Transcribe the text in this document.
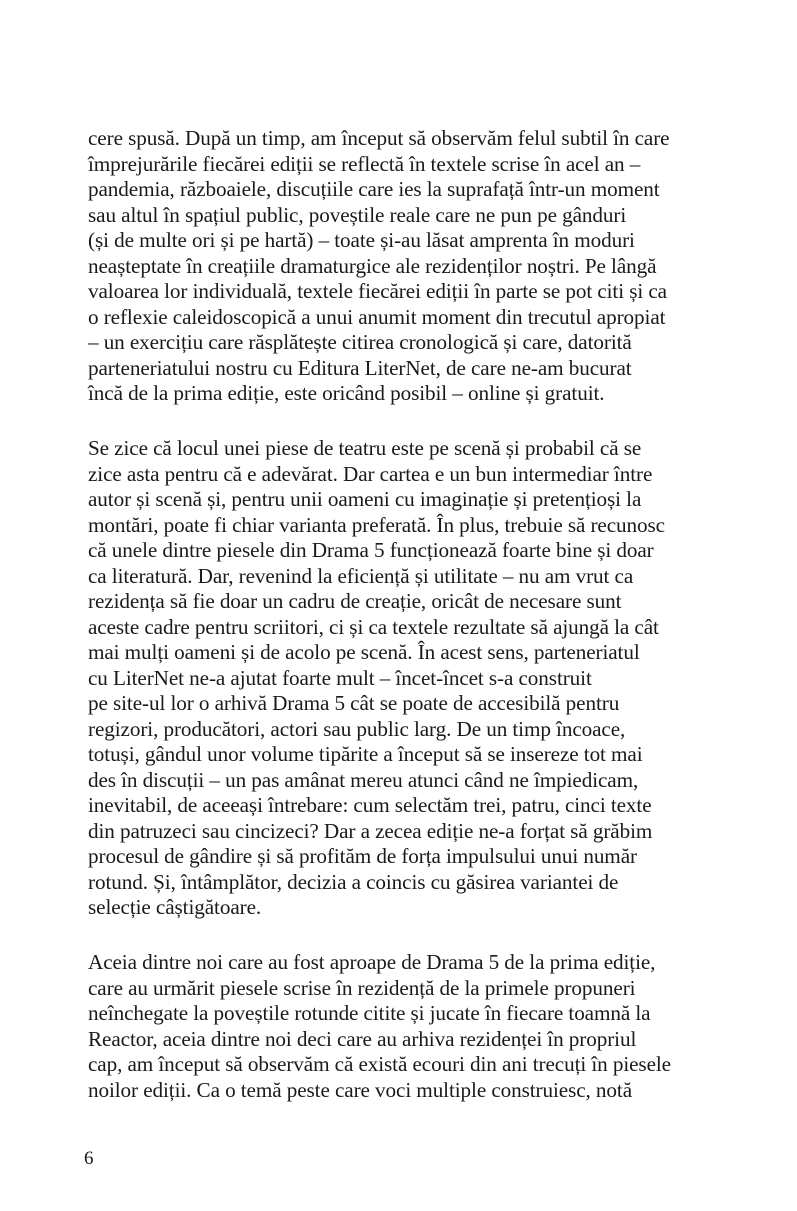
cere spusă. După un timp, am început să observăm felul subtil în care
împrejurările fiecărei ediții se reflectă în textele scrise în acel an –
pandemia, războaiele, discuțiile care ies la suprafață într-un moment
sau altul în spațiul public, poveștile reale care ne pun pe gânduri
(și de multe ori și pe hartă) – toate și-au lăsat amprenta în moduri
neașteptate în creațiile dramaturgice ale rezidenților noștri. Pe lângă
valoarea lor individuală, textele fiecărei ediții în parte se pot citi și ca
o reflexie caleidoscopică a unui anumit moment din trecutul apropiat
– un exercițiu care răsplătește citirea cronologică și care, datorită
parteneriatului nostru cu Editura LiterNet, de care ne-am bucurat
încă de la prima ediție, este oricând posibil – online și gratuit.

Se zice că locul unei piese de teatru este pe scenă și probabil că se
zice asta pentru că e adevărat. Dar cartea e un bun intermediar între
autor și scenă și, pentru unii oameni cu imaginație și pretențioși la
montări, poate fi chiar varianta preferată. În plus, trebuie să recunosc
că unele dintre piesele din Drama 5 funcționează foarte bine și doar
ca literatură. Dar, revenind la eficiență și utilitate – nu am vrut ca
rezidența să fie doar un cadru de creație, oricât de necesare sunt
aceste cadre pentru scriitori, ci și ca textele rezultate să ajungă la cât
mai mulți oameni și de acolo pe scenă. În acest sens, parteneriatul
cu LiterNet ne-a ajutat foarte mult – încet-încet s-a construit
pe site-ul lor o arhivă Drama 5 cât se poate de accesibilă pentru
regizori, producători, actori sau public larg. De un timp încoace,
totuși, gândul unor volume tipărite a început să se insereze tot mai
des în discuții – un pas amânat mereu atunci când ne împiedicam,
inevitabil, de aceeași întrebare: cum selectăm trei, patru, cinci texte
din patruzeci sau cincizeci? Dar a zecea ediție ne-a forțat să grăbim
procesul de gândire și să profităm de forța impulsului unui număr
rotund. Și, întâmplător, decizia a coincis cu găsirea variantei de
selecție câștigătoare.

Aceia dintre noi care au fost aproape de Drama 5 de la prima ediție,
care au urmărit piesele scrise în rezidență de la primele propuneri
neînchegate la poveștile rotunde citite și jucate în fiecare toamnă la
Reactor, aceia dintre noi deci care au arhiva rezidenței în propriul
cap, am început să observăm că există ecouri din ani trecuți în piesele
noilor ediții. Ca o temă peste care voci multiple construiesc, notă

6
